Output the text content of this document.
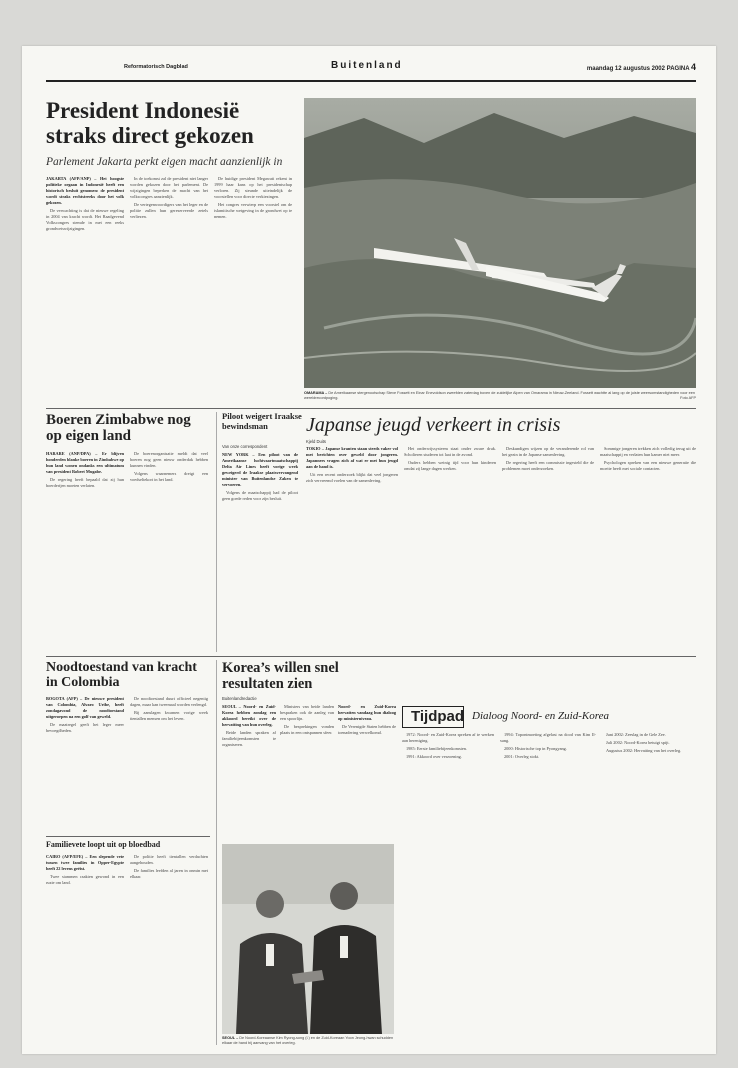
Reformatorisch Dagblad	Buitenland	maandag 12 augustus 2002 PAGINA 4
President Indonesië straks direct gekozen
Parlement Jakarta perkt eigen macht aanzienlijk in

JAKARTA (AFP/ANP) – Het hoogste politieke orgaan in Indonesië heeft een historisch besluit genomen: de president wordt straks rechtstreeks door het volk gekozen.

De verwachting is dat de nieuwe regeling in 2004 van kracht wordt. Het Raadgevend Volkscongres stemde in met een reeks grondwetswijzigingen.

In de toekomst zal de president niet langer worden gekozen door het parlement. De wijzigingen beperken de macht van het volkscongres aanzienlijk.

De vertegenwoordigers van het leger en de politie zullen hun gereserveerde zetels verliezen.

De huidige president Megawati rekent in 1999 haar kans op het presidentschap verloren. Zij steunde uiteindelijk de voorstellen voor directe verkiezingen.

Het congres verwierp een voorstel om de islamitische wetgeving in de grondwet op te nemen.

OMARAMA – De Amerikaanse stergenootschap Steve Fossett en Einar Enevoldson zweefden zaterdag boven de zuidelijke Alpen van Omarama in Nieuw-Zeeland. Fossett wachtte al lang op de juiste weersomstandigheden voor een wereldrecordpoging.	Foto AFP
Boeren Zimbabwe nog op eigen land

HARARE (ANP/DPA) – Er blijven honderden blanke boeren in Zimbabwe op hun land wonen ondanks een ultimatum van president Robert Mugabe.

De regering heeft bepaald dat zij hun boerderijen moeten verlaten.

De boerenorganisatie meldt dat veel boeren nog geen nieuw onderdak hebben kunnen vinden.

Volgens waarnemers dreigt een voedseltekort in het land.

Piloot weigert Iraakse bewindsman
Van onze correspondent

NEW YORK – Een piloot van de Amerikaanse luchtvaartmaatschappij Delta Air Lines heeft vorige week geweigerd de Iraakse plaatsvervangend minister van Buitenlandse Zaken te vervoeren.

Volgens de maatschappij had de piloot geen goede reden voor zijn besluit.

Japanse jeugd verkeert in crisis
Kjeld Duits

TOKIO – Japanse kranten staan steeds vaker vol met berichten over geweld door jongeren. Japanners vragen zich af wat er met hun jeugd aan de hand is.

Uit een recent onderzoek blijkt dat veel jongeren zich vervreemd voelen van de samenleving.

Het onderwijssysteem staat onder zware druk. Scholieren studeren tot laat in de avond.

Ouders hebben weinig tijd voor hun kinderen omdat zij lange dagen werken.

Deskundigen wijzen op de veranderende rol van het gezin in de Japanse samenleving.

De regering heeft een commissie ingesteld die de problemen moet onderzoeken.

Sommige jongeren trekken zich volledig terug uit de maatschappij en verlaten hun kamer niet meer.

Psychologen spreken van een nieuwe generatie die moeite heeft met sociale contacten.

Noodtoestand van kracht in Colombia

BOGOTA (AFP) – De nieuwe president van Colombia, Alvaro Uribe, heeft zondagavond de noodtoestand uitgeroepen na een golf van geweld.

De maatregel geeft het leger meer bevoegdheden.

De noodtoestand duurt officieel negentig dagen, maar kan tweemaal worden verlengd.

Bij aanslagen kwamen vorige week tientallen mensen om het leven.

Familievete loopt uit op bloedbad

CAIRO (AFP/EFE) – Een slepende vete tussen twee families in Opper-Egypte heeft 22 levens geëist.

Twee stammen raakten gewond in een ruzie om land.

De politie heeft tientallen verdachten aangehouden.

De families leefden al jaren in onmin met elkaar.

Korea’s willen snel resultaten zien
Buitenlandredactie

SEOUL – Noord- en Zuid-Korea hebben zondag een akkoord bereikt over de hervatting van hun overleg.

Beide landen spraken af familiebijeenkomsten te organiseren.

Ministers van beide landen bespraken ook de aanleg van een spoorlijn.

De besprekingen vonden plaats in een ontspannen sfeer.

Noord- en Zuid-Korea hervatten vandaag hun dialoog op ministerniveau.

De Verenigde Staten hebben de toenadering verwelkomd.

SEOUL – De Noord-Koreaanse Kim Ryong-song (l.) en de Zuid-Koreaan Yoon Jeong-hwan schudden elkaar de hand bij aanvang van het overleg.
Tijdpad Dialoog Noord- en Zuid-Korea

1972: Noord- en Zuid-Korea spreken af te werken aan hereniging.

1985: Eerste familiebijeenkomsten.

1991: Akkoord over verzoening.

1994: Topontmoeting afgelast na dood van Kim Il-sung.

2000: Historische top in Pyongyang.

2001: Overleg stokt.

Juni 2002: Zeeslag in de Gele Zee.

Juli 2002: Noord-Korea betuigt spijt.

Augustus 2002: Hervatting van het overleg.
